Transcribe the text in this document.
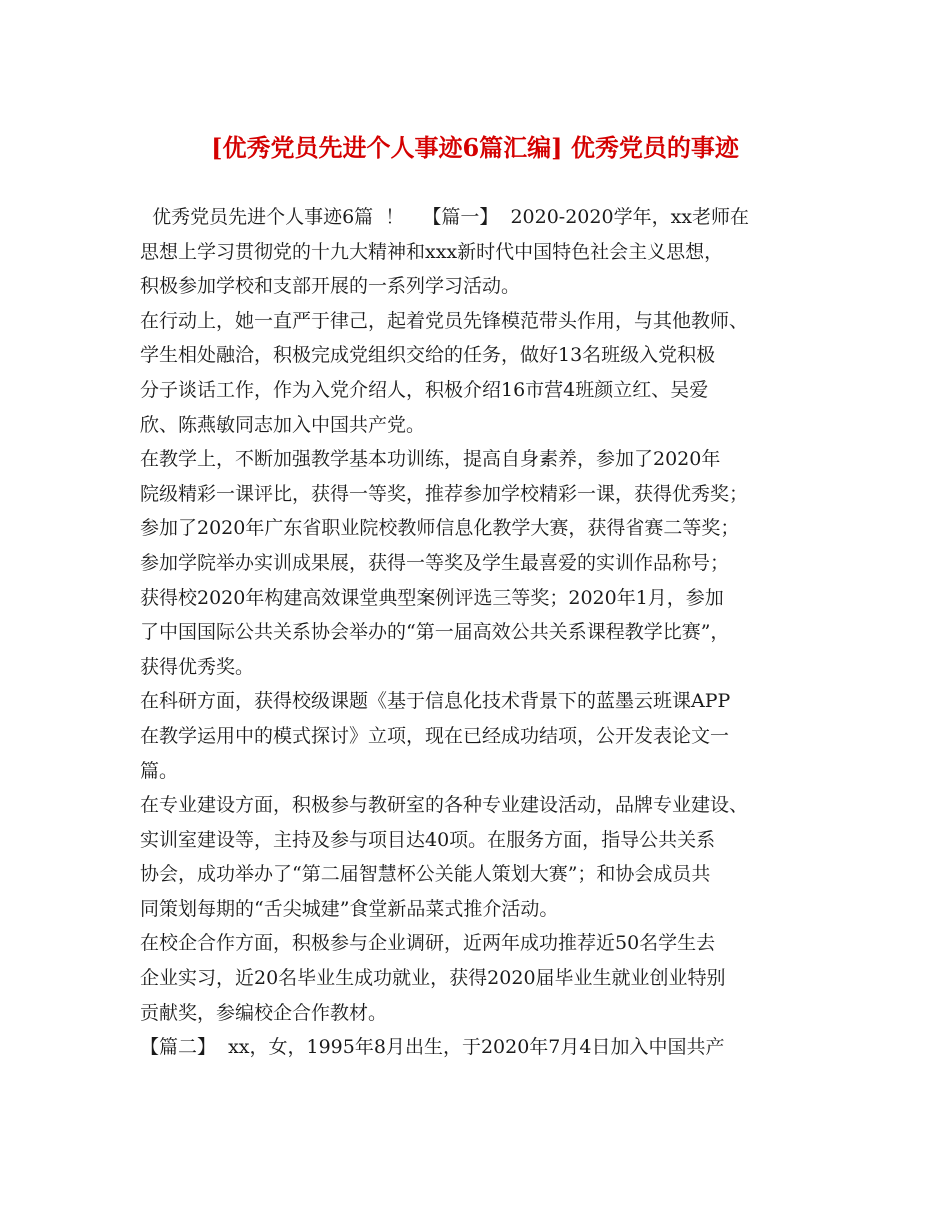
[优秀党员先进个人事迹6篇汇编] 优秀党员的事迹
优秀党员先进个人事迹6篇  ！   【篇一】  2020-2020学年，xx老师在
思想上学习贯彻党的十九大精神和xxx新时代中国特色社会主义思想，
积极参加学校和支部开展的一系列学习活动。
在行动上，她一直严于律己，起着党员先锋模范带头作用，与其他教师、
学生相处融洽，积极完成党组织交给的任务，做好13名班级入党积极
分子谈话工作，作为入党介绍人，积极介绍16市营4班颜立红、吴爱
欣、陈燕敏同志加入中国共产党。
在教学上，不断加强教学基本功训练，提高自身素养，参加了2020年
院级精彩一课评比，获得一等奖，推荐参加学校精彩一课，获得优秀奖；
参加了2020年广东省职业院校教师信息化教学大赛，获得省赛二等奖；
参加学院举办实训成果展，获得一等奖及学生最喜爱的实训作品称号；
获得校2020年构建高效课堂典型案例评选三等奖；2020年1月，参加
了中国国际公共关系协会举办的“第一届高效公共关系课程教学比赛”，
获得优秀奖。
在科研方面，获得校级课题《基于信息化技术背景下的蓝墨云班课APP
在教学运用中的模式探讨》立项，现在已经成功结项，公开发表论文一
篇。
在专业建设方面，积极参与教研室的各种专业建设活动，品牌专业建设、
实训室建设等，主持及参与项目达40项。在服务方面，指导公共关系
协会，成功举办了“第二届智慧杯公关能人策划大赛”；和协会成员共
同策划每期的“舌尖城建”食堂新品菜式推介活动。
在校企合作方面，积极参与企业调研，近两年成功推荐近50名学生去
企业实习，近20名毕业生成功就业，获得2020届毕业生就业创业特别
贡献奖，参编校企合作教材。
【篇二】  xx，女，1995年8月出生，于2020年7月4日加入中国共产
